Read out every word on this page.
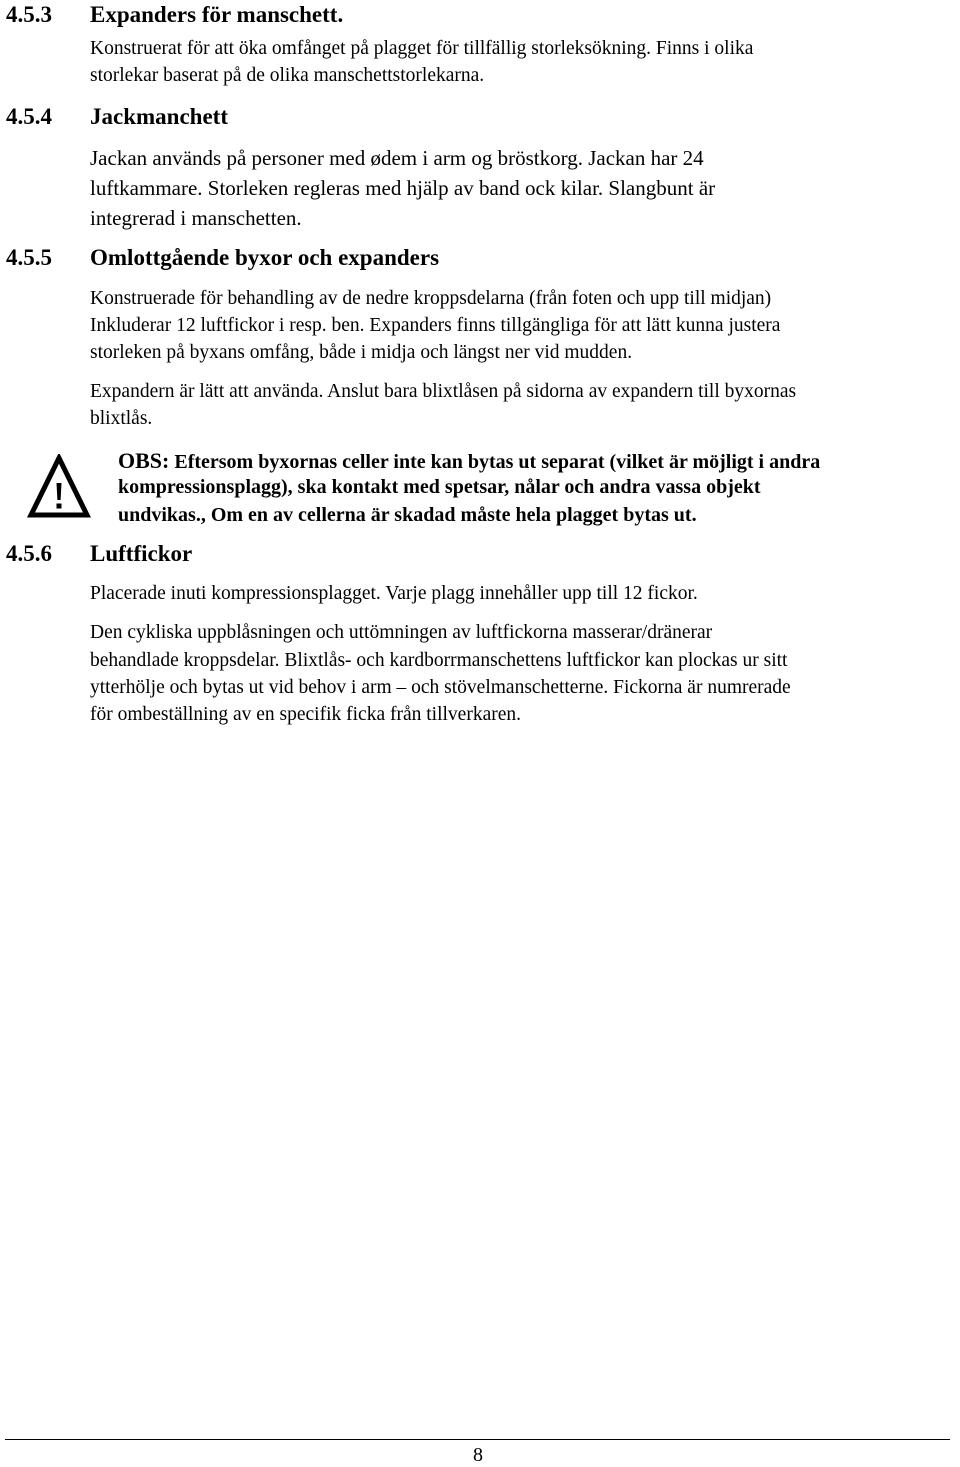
4.5.3 Expanders för manschett.
Konstruerat för att öka omfånget på plagget för tillfällig storleksökning. Finns i olika
storlekar baserat på de olika manschettstorlekarna.
4.5.4 Jackmanchett
Jackan används på personer med ødem i arm og bröstkorg. Jackan har 24
luftkammare. Storleken regleras med hjälp av band ock kilar. Slangbunt är
integrerad i manschetten.
4.5.5 Omlottgående byxor och expanders
Konstruerade för behandling av de nedre kroppsdelarna (från foten och upp till midjan)
Inkluderar 12 luftfickor i resp. ben. Expanders finns tillgängliga för att lätt kunna justera
storleken på byxans omfång, både i midja och längst ner vid mudden.
Expandern är lätt att använda. Anslut bara blixtlåsen på sidorna av expandern till byxornas
blixtlås.
OBS: Eftersom byxornas celler inte kan bytas ut separat (vilket är möjligt i andra
kompressionsplagg), ska kontakt med spetsar, nålar och andra vassa objekt
undvikas., Om en av cellerna är skadad måste hela plagget bytas ut.
4.5.6 Luftfickor
Placerade inuti kompressionsplagget. Varje plagg innehåller upp till 12 fickor.
Den cykliska uppblåsningen och uttömningen av luftfickorna masserar/dränerar
behandlade kroppsdelar. Blixtlås- och kardborrmanschettens luftfickor kan plockas ur sitt
ytterhölje och bytas ut vid behov i arm – och stövelmanschetterne. Fickorna är numrerade
för ombeställning av en specifik ficka från tillverkaren.
8
